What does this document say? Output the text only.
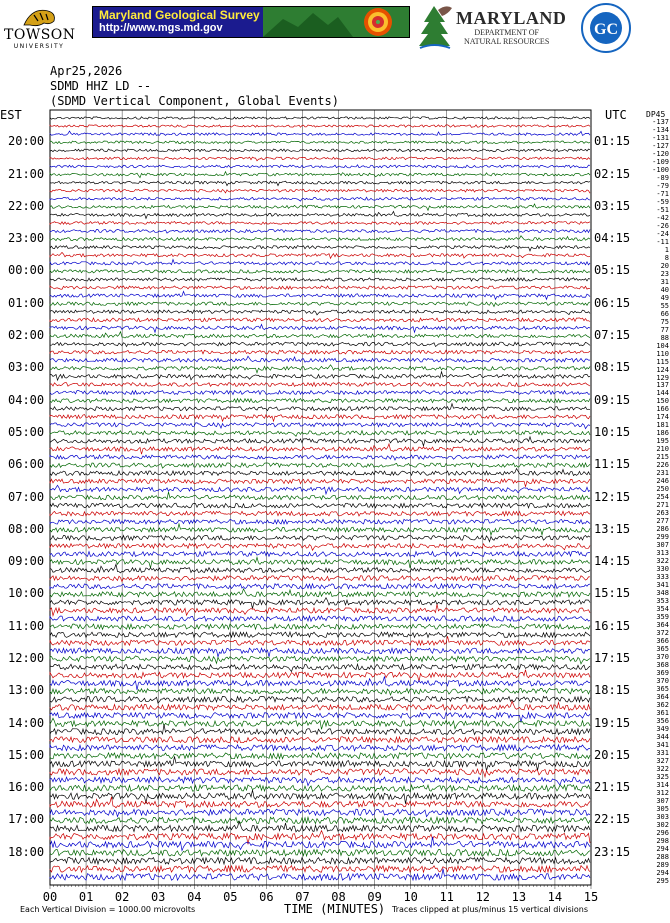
TOWSON
UNIVERSITY
Maryland Geological Survey
http://www.mgs.md.gov	MARYLAND
DEPARTMENT OF
NATURAL RESOURCES
GC
Apr25,2026
SDMD HHZ LD --
(SDMD Vertical Component, Global Events)
EST	UTC DP45
20:00
21:00
22:00
23:00
00:00
01:00
02:00
03:00
04:00
05:00
06:00
07:00
08:00
09:00
10:00
11:00
12:00
13:00
14:00
15:00
16:00
17:00
18:00
01:15
02:15
03:15
04:15
05:15
06:15
07:15
08:15
09:15
10:15
11:15
12:15
13:15
14:15
15:15
16:15
17:15
18:15
19:15
20:15
21:15
22:15
23:15
-137
-134
-131
-127
-120
-109
-100
-89
-79
-71
-59
-51
-42
-26
-24
-11
1
8
20
23
31
40
49
55
66
75
77
88
104
110
115
124
129
137
144
150
166
174
181
186
195
210
215
226
231
246
250
254
271
263
277
286
299
307
313
322
330
333
341
348
353
354
359
364
372
366
365
370
368
369
370
365
364
362
361
356
349
344
341
331
327
322
325
314
312
307
305
303
302
296
298
294
288
289
294
295
00 01 02 03 04 05 06 07 08 09 10 11 12 13 14 15
Each Vertical Division = 1000.00 microvolts	TIME (MINUTES) Traces clipped at plus/minus 15 vertical divisions
